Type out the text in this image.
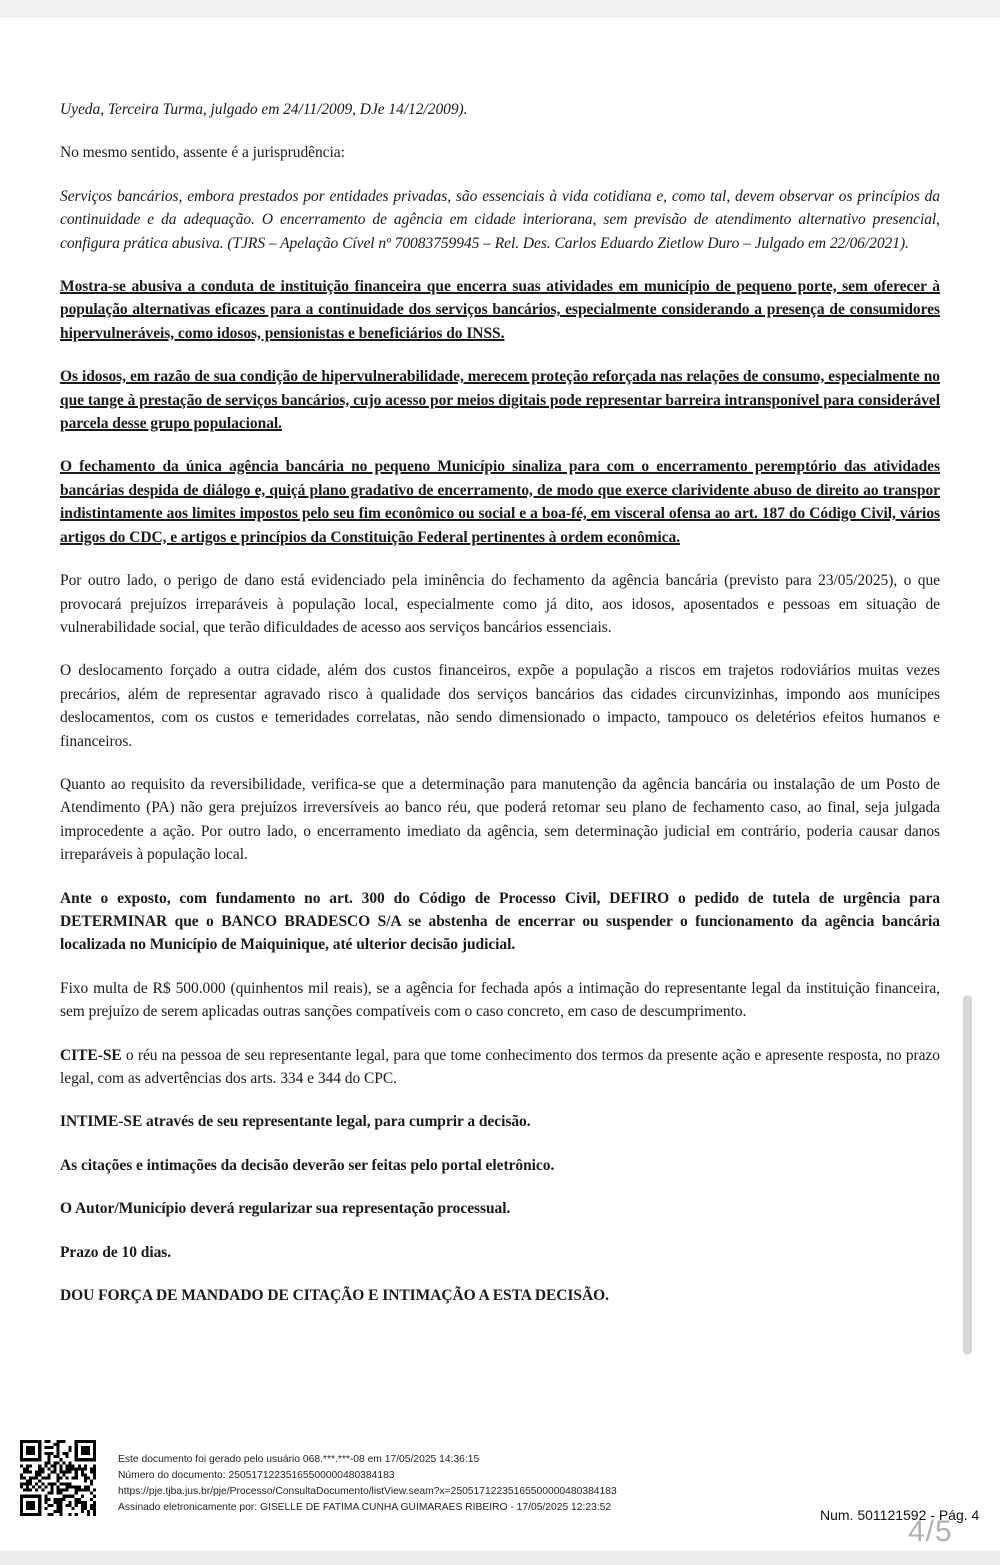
Uyeda, Terceira Turma, julgado em 24/11/2009, DJe 14/12/2009).

No mesmo sentido, assente é a jurisprudência:

Serviços bancários, embora prestados por entidades privadas, são essenciais à vida cotidiana e, como tal, devem observar os princípios da continuidade e da adequação. O encerramento de agência em cidade interiorana, sem previsão de atendimento alternativo presencial, configura prática abusiva. (TJRS – Apelação Cível nº 70083759945 – Rel. Des. Carlos Eduardo Zietlow Duro – Julgado em 22/06/2021).

Mostra-se abusiva a conduta de instituição financeira que encerra suas atividades em município de pequeno porte, sem oferecer à população alternativas eficazes para a continuidade dos serviços bancários, especialmente considerando a presença de consumidores hipervulneráveis, como idosos, pensionistas e beneficiários do INSS.

Os idosos, em razão de sua condição de hipervulnerabilidade, merecem proteção reforçada nas relações de consumo, especialmente no que tange à prestação de serviços bancários, cujo acesso por meios digitais pode representar barreira intransponível para considerável parcela desse grupo populacional.

O fechamento da única agência bancária no pequeno Município sinaliza para com o encerramento peremptório das atividades bancárias despida de diálogo e, quiçá plano gradativo de encerramento, de modo que exerce clarividente abuso de direito ao transpor indistintamente aos limites impostos pelo seu fim econômico ou social e a boa-fé, em visceral ofensa ao art. 187 do Código Civil, vários artigos do CDC, e artigos e princípios da Constituição Federal pertinentes à ordem econômica.

Por outro lado, o perigo de dano está evidenciado pela iminência do fechamento da agência bancária (previsto para 23/05/2025), o que provocará prejuízos irreparáveis à população local, especialmente como já dito, aos idosos, aposentados e pessoas em situação de vulnerabilidade social, que terão dificuldades de acesso aos serviços bancários essenciais.

O deslocamento forçado a outra cidade, além dos custos financeiros, expõe a população a riscos em trajetos rodoviários muitas vezes precários, além de representar agravado risco à qualidade dos serviços bancários das cidades circunvizinhas, impondo aos munícipes deslocamentos, com os custos e temeridades correlatas, não sendo dimensionado o impacto, tampouco os deletérios efeitos humanos e financeiros.

Quanto ao requisito da reversibilidade, verifica-se que a determinação para manutenção da agência bancária ou instalação de um Posto de Atendimento (PA) não gera prejuízos irreversíveis ao banco réu, que poderá retomar seu plano de fechamento caso, ao final, seja julgada improcedente a ação. Por outro lado, o encerramento imediato da agência, sem determinação judicial em contrário, poderia causar danos irreparáveis à população local.

Ante o exposto, com fundamento no art. 300 do Código de Processo Civil, DEFIRO o pedido de tutela de urgência para DETERMINAR que o BANCO BRADESCO S/A se abstenha de encerrar ou suspender o funcionamento da agência bancária localizada no Município de Maiquinique, até ulterior decisão judicial.

Fixo multa de R$ 500.000 (quinhentos mil reais), se a agência for fechada após a intimação do representante legal da instituição financeira, sem prejuízo de serem aplicadas outras sanções compatíveis com o caso concreto, em caso de descumprimento.

CITE-SE o réu na pessoa de seu representante legal, para que tome conhecimento dos termos da presente ação e apresente resposta, no prazo legal, com as advertências dos arts. 334 e 344 do CPC.

INTIME-SE através de seu representante legal, para cumprir a decisão.

As citações e intimações da decisão deverão ser feitas pelo portal eletrônico.

O Autor/Município deverá regularizar sua representação processual.

Prazo de 10 dias.

DOU FORÇA DE MANDADO DE CITAÇÃO E INTIMAÇÃO A ESTA DECISÃO.

Este documento foi gerado pelo usuário 068.***.***-08 em 17/05/2025 14:36:15
Número do documento: 25051712235165500000480384183
https://pje.tjba.jus.br/pje/Processo/ConsultaDocumento/listView.seam?x=25051712235165500000480384183
Assinado eletronicamente por: GISELLE DE FATIMA CUNHA GUIMARAES RIBEIRO - 17/05/2025 12:23:52	Num. 501121592 - Pág. 4
4/5
